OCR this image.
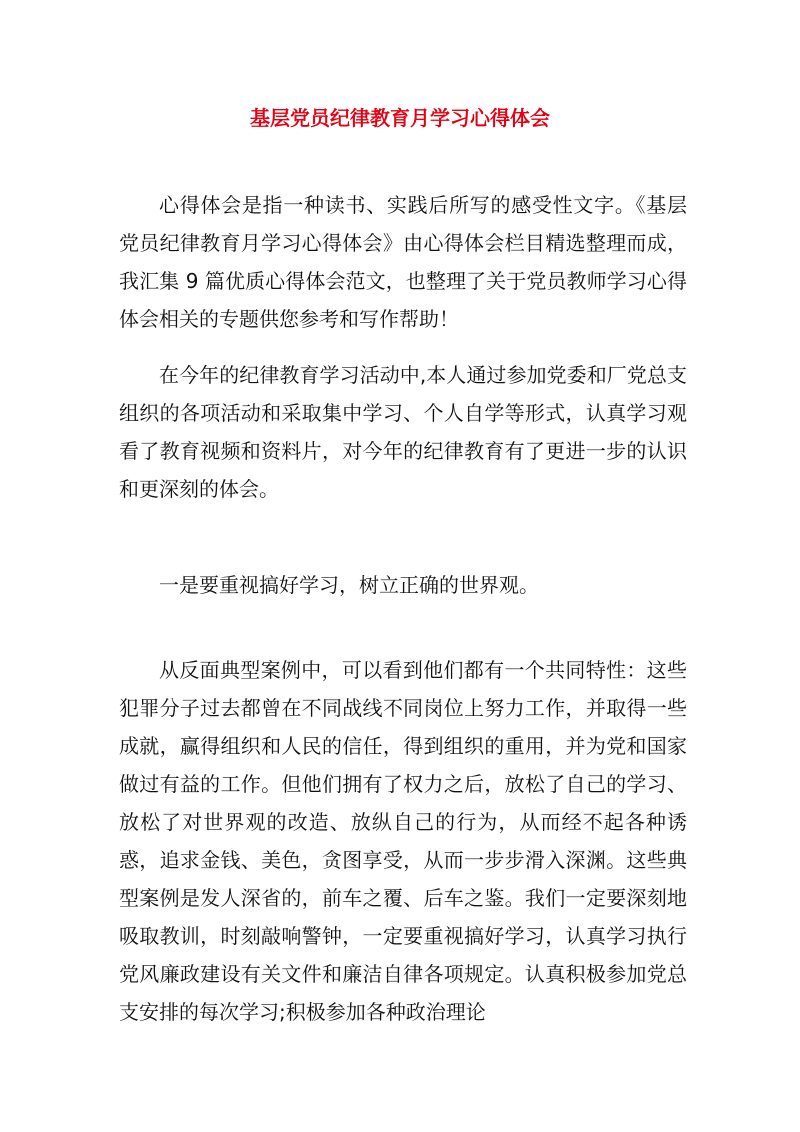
基层党员纪律教育月学习心得体会

心得体会是指一种读书、实践后所写的感受性文字。《基层党员纪律教育月学习心得体会》由心得体会栏目精选整理而成，我汇集 9 篇优质心得体会范文，也整理了关于党员教师学习心得体会相关的专题供您参考和写作帮助！

在今年的纪律教育学习活动中,本人通过参加党委和厂党总支组织的各项活动和采取集中学习、个人自学等形式，认真学习观看了教育视频和资料片，对今年的纪律教育有了更进一步的认识和更深刻的体会。

一是要重视搞好学习，树立正确的世界观。

从反面典型案例中，可以看到他们都有一个共同特性：这些犯罪分子过去都曾在不同战线不同岗位上努力工作，并取得一些成就，赢得组织和人民的信任，得到组织的重用，并为党和国家做过有益的工作。但他们拥有了权力之后，放松了自己的学习、放松了对世界观的改造、放纵自己的行为，从而经不起各种诱惑，追求金钱、美色，贪图享受，从而一步步滑入深渊。这些典型案例是发人深省的，前车之覆、后车之鉴。我们一定要深刻地吸取教训，时刻敲响警钟，一定要重视搞好学习，认真学习执行党风廉政建设有关文件和廉洁自律各项规定。认真积极参加党总支安排的每次学习;积极参加各种政治理论
